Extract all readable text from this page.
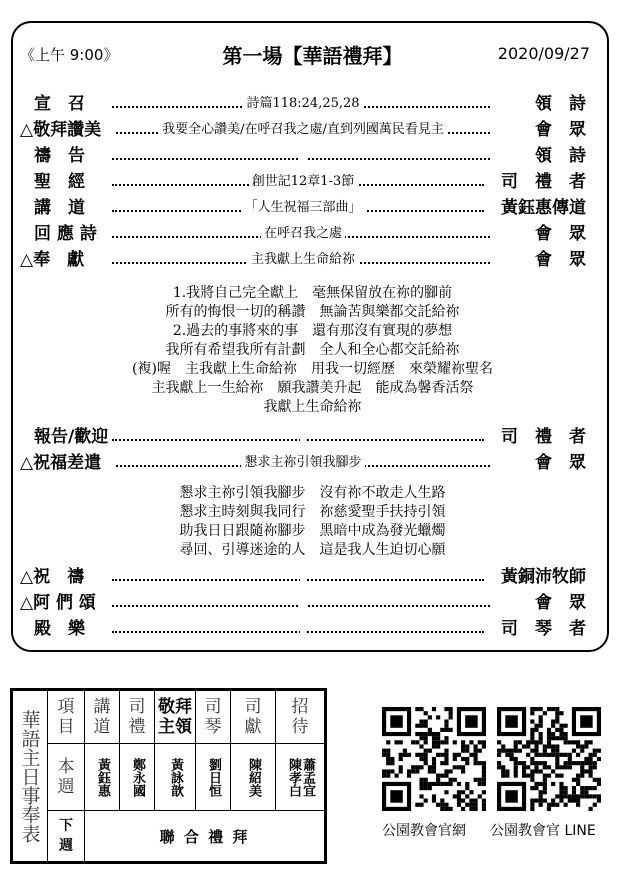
《上午 9:00》	第一場【華語禮拜】	2020/09/27
宣　召	詩篇118:24,25,28	領　詩
△敬拜讚美	我要全心讚美/在呼召我之處/直到列國萬民看見主	會　眾
禱　告	領　詩
聖　經	創世記12章1-3節	司　禮　者
講　道	「人生祝福三部曲」	黃鈺惠傳道
回 應 詩	在呼召我之處	會　眾
△奉　獻	主我獻上生命給祢	會　眾
1.我將自己完全獻上　毫無保留放在祢的腳前
所有的悔恨一切的稱讚　無論苦與樂都交託給祢
2.過去的事將來的事　還有那沒有實現的夢想
我所有希望我所有計劃　全人和全心都交託給祢
(複)喔　主我獻上生命給祢　用我一切經歷　來榮耀祢聖名
主我獻上一生給祢　願我讚美升起　能成為馨香活祭
我獻上生命給祢
報告/歡迎	司　禮　者
△祝福差遣	懇求主祢引領我腳步	會　眾
懇求主祢引領我腳步　沒有祢不敢走人生路
懇求主時刻與我同行　祢慈愛聖手扶持引領
助我日日跟隨祢腳步　黑暗中成為發光蠟燭
尋回、引導迷途的人　這是我人生迫切心願
△祝　禱	黃銅沛牧師
△阿 們 頌	會　眾
殿　樂	司　琴　者
華語主日事奉表	項目	講道	司禮	敬拜主領	司琴	司獻	招待

	本週	黃鈺惠	鄭永國	黃詠歆	劉日恒	陳紹美	蕭孟宜 陳孝白

	下週	聯 合 禮 拜						公園教會官網 公園教會官 LINE
